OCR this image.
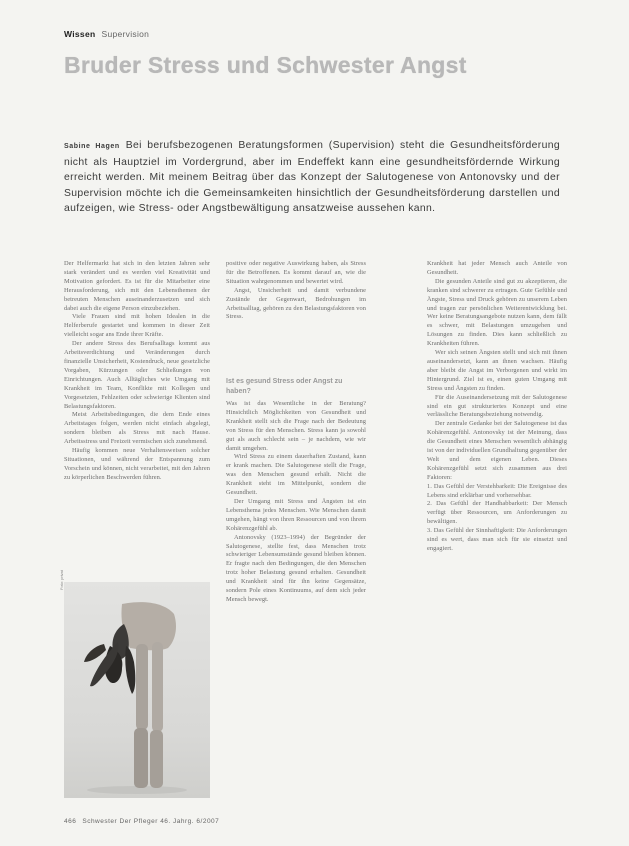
Wissen Supervision
Bruder Stress und Schwester Angst
Sabine Hagen Bei berufsbezogenen Beratungsformen (Supervision) steht die Gesundheitsförderung nicht als Hauptziel im Vordergrund, aber im Endeffekt kann eine gesundheitsfördernde Wirkung erreicht werden. Mit meinem Beitrag über das Konzept der Salutogenese von Antonovsky und der Supervision möchte ich die Gemeinsamkeiten hinsichtlich der Gesundheitsförderung darstellen und aufzeigen, wie Stress- oder Angstbewältigung ansatzweise aussehen kann.

Der Helfermarkt hat sich in den letzten Jahren sehr stark verändert und es werden viel Kreativität und Motivation gefordert. Es ist für die Mitarbeiter eine Herausforderung, sich mit den Lebensthemen der betreuten Menschen auseinanderzusetzen und sich dabei auch die eigene Person einzubeziehen.

Viele Frauen sind mit hohen Idealen in die Helferberufe gestartet und kommen in dieser Zeit vielleicht sogar ans Ende ihrer Kräfte.

Der andere Stress des Berufsalltags kommt aus Arbeitsverdichtung und Veränderungen durch finanzielle Unsicherheit, Kostendruck, neue gesetzliche Vorgaben, Kürzungen oder Schließungen von Einrichtungen. Auch Alltägliches wie Umgang mit Krankheit im Team, Konflikte mit Kollegen und Vorgesetzten, Fehlzeiten oder schwierige Klienten sind Belastungsfaktoren.

Meist Arbeitsbedingungen, die dem Ende eines Arbeitstages folgen, werden nicht einfach abgelegt, sondern bleiben als Stress mit nach Hause. Arbeitsstress und Freizeit vermischen sich zunehmend.

Häufig kommen neue Verhaltensweisen solcher Situationen, und während der Entspannung zum Vorschein und können, nicht verarbeitet, mit den Jahren zu körperlichen Beschwerden führen.

positive oder negative Auswirkung haben, als Stress für die Betroffenen. Es kommt darauf an, wie die Situation wahrgenommen und bewertet wird.

Angst, Unsicherheit und damit verbundene Zustände der Gegenwart, Bedrohungen im Arbeitsalltag, gehören zu den Belastungsfaktoren von Stress.

Ist es gesund Stress oder Angst zu haben?

Was ist das Wesentliche in der Beratung? Hinsichtlich Möglichkeiten von Gesundheit und Krankheit stellt sich die Frage nach der Bedeutung von Stress für den Menschen. Stress kann ja sowohl gut als auch schlecht sein – je nachdem, wie wir damit umgehen.

Wird Stress zu einem dauerhaften Zustand, kann er krank machen. Die Salutogenese stellt die Frage, was den Menschen gesund erhält. Nicht die Krankheit steht im Mittelpunkt, sondern die Gesundheit.

Der Umgang mit Stress und Ängsten ist ein Lebensthema jedes Menschen. Wie Menschen damit umgehen, hängt von ihren Ressourcen und von ihrem Kohärenzgefühl ab.

Antonovsky (1923–1994) der Begründer der Salutogenese, stellte fest, dass Menschen trotz schwieriger Lebensumstände gesund bleiben können. Er fragte nach den Bedingungen, die den Menschen trotz hoher Belastung gesund erhalten. Gesundheit und Krankheit sind für ihn keine Gegensätze, sondern Pole eines Kontinuums, auf dem sich jeder Mensch bewegt.

Krankheit hat jeder Mensch auch Anteile von Gesundheit.

Die gesunden Anteile sind gut zu akzeptieren, die kranken sind schwerer zu ertragen. Gute Gefühle und Ängste, Stress und Druck gehören zu unserem Leben und tragen zur persönlichen Weiterentwicklung bei. Wer keine Beratungsangebote nutzen kann, dem fällt es schwer, mit Belastungen umzugehen und Lösungen zu finden. Dies kann schließlich zu Krankheiten führen.

Wer sich seinen Ängsten stellt und sich mit ihnen auseinandersetzt, kann an ihnen wachsen. Häufig aber bleibt die Angst im Verborgenen und wirkt im Hintergrund. Ziel ist es, einen guten Umgang mit Stress und Ängsten zu finden.

Für die Auseinandersetzung mit der Salutogenese sind ein gut strukturiertes Konzept und eine verlässliche Beratungsbeziehung notwendig.

Der zentrale Gedanke bei der Salutogenese ist das Kohärenzgefühl. Antonovsky ist der Meinung, dass die Gesundheit eines Menschen wesentlich abhängig ist von der individuellen Grundhaltung gegenüber der Welt und dem eigenen Leben. Dieses Kohärenzgefühl setzt sich zusammen aus drei Faktoren:

1. Das Gefühl der Verstehbarkeit: Die Ereignisse des Lebens sind erklärbar und vorhersehbar.

2. Das Gefühl der Handhabbarkeit: Der Mensch verfügt über Ressourcen, um Anforderungen zu bewältigen.

3. Das Gefühl der Sinnhaftigkeit: Die Anforderungen sind es wert, dass man sich für sie einsetzt und engagiert.

Foto: privat
466 Schwester Der Pfleger 46. Jahrg. 6/2007
